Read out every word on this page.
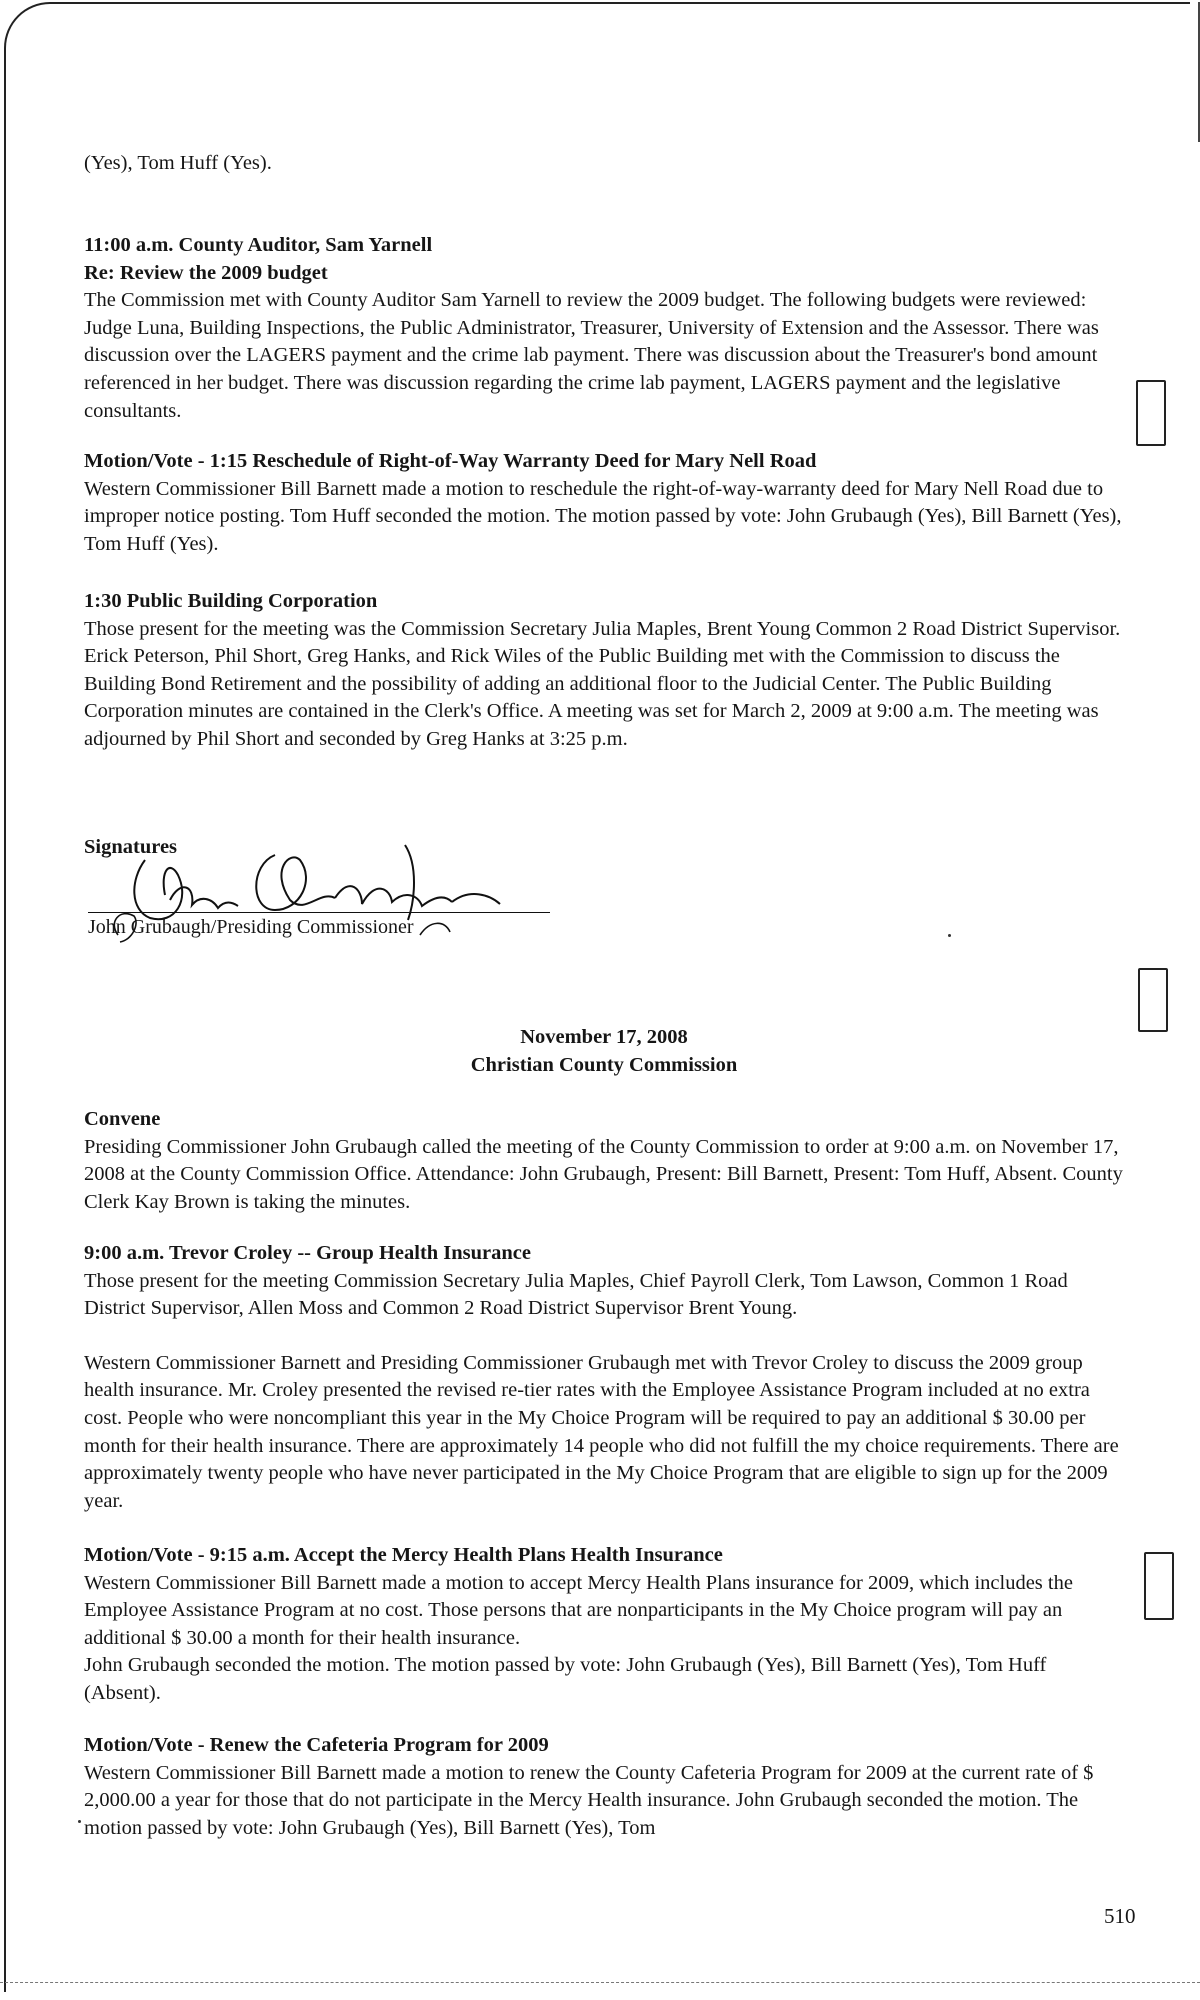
(Yes), Tom Huff (Yes).
11:00 a.m. County Auditor, Sam Yarnell
Re: Review the 2009 budget
The Commission met with County Auditor Sam Yarnell to review the 2009 budget. The following budgets were reviewed: Judge Luna, Building Inspections, the Public Administrator, Treasurer, University of Extension and the Assessor. There was discussion over the LAGERS payment and the crime lab payment. There was discussion about the Treasurer's bond amount referenced in her budget. There was discussion regarding the crime lab payment, LAGERS payment and the legislative consultants.
Motion/Vote - 1:15 Reschedule of Right-of-Way Warranty Deed for Mary Nell Road
Western Commissioner Bill Barnett made a motion to reschedule the right-of-way-warranty deed for Mary Nell Road due to improper notice posting. Tom Huff seconded the motion. The motion passed by vote: John Grubaugh (Yes), Bill Barnett (Yes), Tom Huff (Yes).
1:30 Public Building Corporation
Those present for the meeting was the Commission Secretary Julia Maples, Brent Young Common 2 Road District Supervisor.
Erick Peterson, Phil Short, Greg Hanks, and Rick Wiles of the Public Building met with the Commission to discuss the Building Bond Retirement and the possibility of adding an additional floor to the Judicial Center. The Public Building Corporation minutes are contained in the Clerk's Office. A meeting was set for March 2, 2009 at 9:00 a.m. The meeting was adjourned by Phil Short and seconded by Greg Hanks at 3:25 p.m.
Signatures
John Grubaugh/Presiding Commissioner
November 17, 2008
Christian County Commission
Convene
Presiding Commissioner John Grubaugh called the meeting of the County Commission to order at 9:00 a.m. on November 17, 2008 at the County Commission Office. Attendance: John Grubaugh, Present: Bill Barnett, Present: Tom Huff, Absent. County Clerk Kay Brown is taking the minutes.
9:00 a.m. Trevor Croley -- Group Health Insurance
Those present for the meeting Commission Secretary Julia Maples, Chief Payroll Clerk, Tom Lawson, Common 1 Road District Supervisor, Allen Moss and Common 2 Road District Supervisor Brent Young.
Western Commissioner Barnett and Presiding Commissioner Grubaugh met with Trevor Croley to discuss the 2009 group health insurance. Mr. Croley presented the revised re-tier rates with the Employee Assistance Program included at no extra cost. People who were noncompliant this year in the My Choice Program will be required to pay an additional $ 30.00 per month for their health insurance. There are approximately 14 people who did not fulfill the my choice requirements. There are approximately twenty people who have never participated in the My Choice Program that are eligible to sign up for the 2009 year.
Motion/Vote - 9:15 a.m. Accept the Mercy Health Plans Health Insurance
Western Commissioner Bill Barnett made a motion to accept Mercy Health Plans insurance for 2009, which includes the Employee Assistance Program at no cost. Those persons that are nonparticipants in the My Choice program will pay an additional $ 30.00 a month for their health insurance.
John Grubaugh seconded the motion. The motion passed by vote: John Grubaugh (Yes), Bill Barnett (Yes), Tom Huff (Absent).
Motion/Vote - Renew the Cafeteria Program for 2009
Western Commissioner Bill Barnett made a motion to renew the County Cafeteria Program for 2009 at the current rate of $ 2,000.00 a year for those that do not participate in the Mercy Health insurance. John Grubaugh seconded the motion. The motion passed by vote: John Grubaugh (Yes), Bill Barnett (Yes), Tom
510
